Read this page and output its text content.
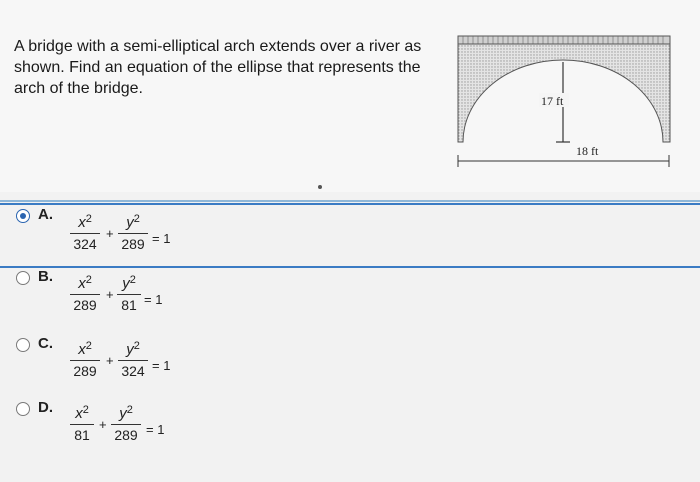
A bridge with a semi-elliptical arch extends over a river as shown. Find an equation of the ellipse that represents the arch of the bridge.
17 ft
18 ft
A.	$x^2$
324
+
$y^2$
289 = 1
B.	$x^2$
289
+
$y^2$
81 = 1
C.	$x^2$
289
+
$y^2$
324 = 1
D.	$x^2$
81
+
$y^2$
289 = 1
